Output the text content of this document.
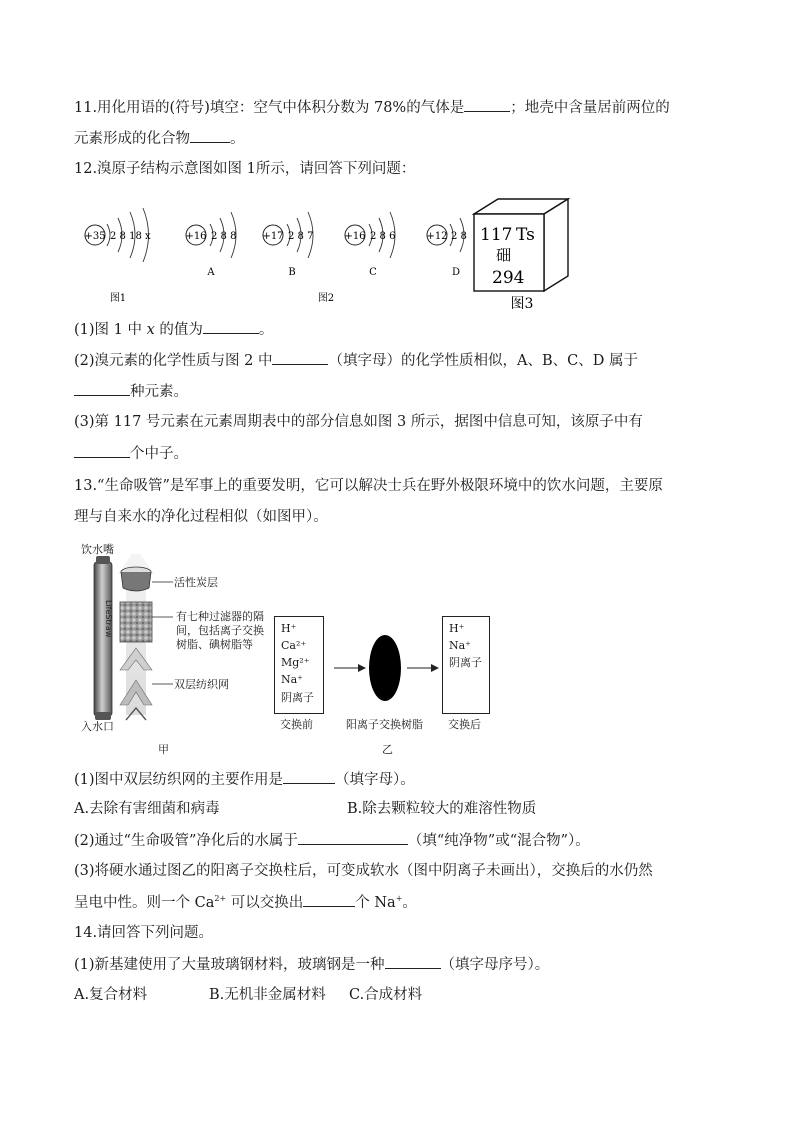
11.用化用语的(符号)填空：空气中体积分数为 78%的气体是	；地壳中含量居前两位的
元素形成的化合物	。
12.溴原子结构示意图如图 1所示，请回答下列问题：
+35 2 8 18 x	+16 2 8 8
A
+17 2 8 7
B
+16 2 8 6
C
+12 2 8
D
图1	图2
117 Ts
鿬
294
图3
(1)图 1 中 x 的值为	。
(2)溴元素的化学性质与图 2 中	（填字母）的化学性质相似，A、B、C、D 属于
种元素。
(3)第 117 号元素在元素周期表中的部分信息如图 3 所示，据图中信息可知，该原子中有
个中子。
13.“生命吸管”是军事上的重要发明，它可以解决士兵在野外极限环境中的饮水问题，主要原
理与自来水的净化过程相似（如图甲）。
饮水嘴
入水口
LifeStraw
活性炭层
有七种过滤器的隔
间，包括离子交换
树脂、碘树脂等
双层纺织网
甲
H⁺
Ca²⁺
Mg²⁺
Na⁺
阴离子
H⁺
Na⁺
阴离子
交换前	阳离子交换树脂 交换后
乙
(1)图中双层纺织网的主要作用是	（填字母）。
A.去除有害细菌和病毒	B.除去颗粒较大的难溶性物质
(2)通过“生命吸管”净化后的水属于	（填“纯净物”或“混合物”）。
(3)将硬水通过图乙的阳离子交换柱后，可变成软水（图中阴离子未画出），交换后的水仍然
呈电中性。则一个 $Ca^{2+}$ 可以交换出	个 Na+。
14.请回答下列问题。
(1)新基建使用了大量玻璃钢材料，玻璃钢是一种	（填字母序号）。
A.复合材料	B.无机非金属材料 C.合成材料
